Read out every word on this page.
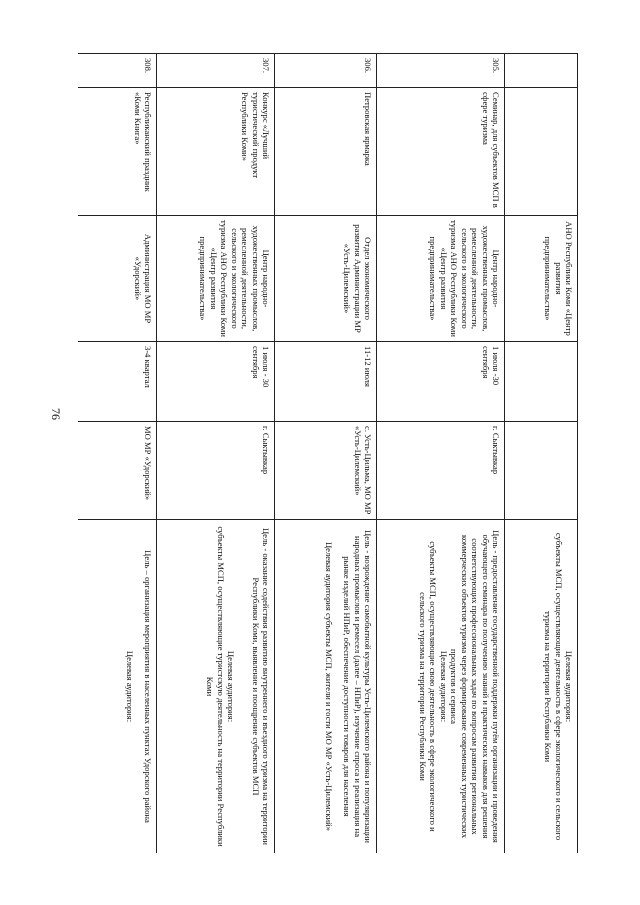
76
		АНО Республики Коми «Центр развития предпринимательства»			Целевая аудитория:
субъекты МСП, осуществляющие деятельность в сфере экологического и сельского туризма на территории Республики Коми

305.	Семинар, для субъектов МСП в сфере туризма	Центр народно-художественных промыслов, ремесленной деятельности, сельского и экологического туризма АНО Республики Коми «Центр развития предпринимательства»	1 июля -30 сентября	г. Сыктывкар	Цель - предоставление государственной поддержки путём организации и проведения обучающего семинара по получению знаний и практических навыков для решения соответствующих профессиональных задач по вопросам развития региональных коммерческих объектов туризма через формирование современных туристических продуктов и сервиса
Целевая аудитория:
субъекты МСП, осуществляющие свою деятельность в сфере экологического и сельского туризма на территории Республики Коми

306.	Петровская ярмарка	Отдел экономического развития Администрации МР «Усть-Цилемский»	11-12 июля	с. Усть-Цильма, МО МР «Усть-Цилемский»	Цель - возрождение самобытной культуры Усть-Цилемского района и популяризации народных промыслов и ремесел (далее – НПиР), изучение спроса и реализация на рынке изделий НПиР, обеспечение доступности товаров для населения
Целевая аудитория субъекты МСП, жители и гости МО МР «Усть-Цилемский»

307.	Конкурс «Лучший туристический продукт Республики Коми»	Центр народно-художественных промыслов, ремесленной деятельности, сельского и экологического туризма АНО Республики Коми «Центр развития предпринимательства»	1 июля - 30 сентября	г. Сыктывкар	Цель - оказание содействия развитию внутреннего и въездного туризма на территории Республики Коми, выявление и поощрение субъектов МСП
Целевая аудитория:
субъекты МСП, осуществляющие туристскую деятельность на территории Республики Коми

308.	Республиканский праздник «Коми Книга»	Администрация МО МР «Удорский»	3-4 квартал	МО МР «Удорский»	Цель – организация мероприятия в населенных пунктах Удорского района
Целевая аудитория:
